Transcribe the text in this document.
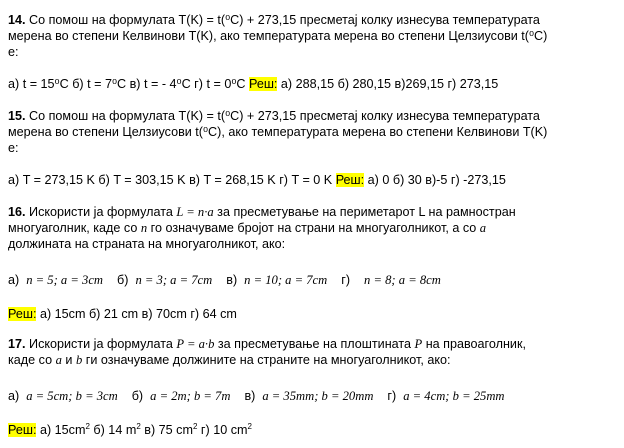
14. Со помош на формулата T(K) = t(⁰C) + 273,15 пресметај колку изнесува температурата
мерена во степени Келвинови T(K), ако температурата мерена во степени Целзиусови t(⁰C)
е:
а) t = 15⁰C б) t = 7⁰C в) t = - 4⁰C г) t = 0⁰C Реш: а) 288,15 б) 280,15 в)269,15 г) 273,15
15. Со помош на формулата T(K) = t(⁰C) + 273,15 пресметај колку изнесува температурата
мерена во степени Целзиусови t(⁰C), ако температурата мерена во степени Келвинови T(K)
е:
а) T = 273,15 K б) T = 303,15 K в) T = 268,15 K г) T = 0 K Реш: а) 0 б) 30 в)-5 г) -273,15
16. Искористи ја формулата L = n·a за пресметување на периметарот L на рамностран
многуаголник, каде со n го означуваме бројот на страни на многуаголникот, а со a
должината на страната на многуаголникот, ако:
а) n = 5; a = 3cm б) n = 3; a = 7cm в) n = 10; a = 7cm г) n = 8; a = 8cm
Реш: а) 15cm б) 21 cm в) 70cm г) 64 cm
17. Искористи ја формулата P = a·b за пресметување на плоштината P на правоаголник,
каде со a и b ги означуваме должините на страните на многуаголникот, ако:
а) a = 5cm; b = 3cm б) a = 2m; b = 7m в) a = 35mm; b = 20mm г) a = 4cm; b = 25mm
Реш: а) $15cm^2$ б) 14 $m^2$ в) 75 $cm^2$ г) 10 $cm^2$
